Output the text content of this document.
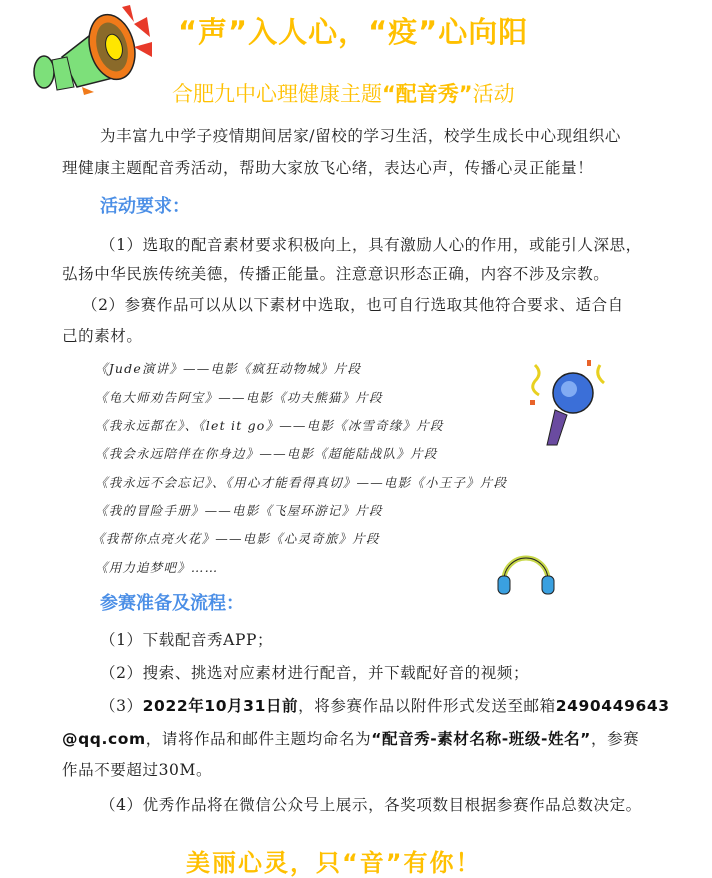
“声”入人心，“疫”心向阳
合肥九中心理健康主题“配音秀”活动
为丰富九中学子疫情期间居家/留校的学习生活，校学生成长中心现组织心
理健康主题配音秀活动，帮助大家放飞心绪，表达心声，传播心灵正能量！
活动要求：
（1）选取的配音素材要求积极向上，具有激励人心的作用，或能引人深思，
弘扬中华民族传统美德，传播正能量。注意意识形态正确，内容不涉及宗教。
（2）参赛作品可以从以下素材中选取，也可自行选取其他符合要求、适合自
己的素材。
《Jude演讲》——电影《疯狂动物城》片段
《龟大师劝告阿宝》——电影《功夫熊猫》片段
《我永远都在》、《let it go》——电影《冰雪奇缘》片段
《我会永远陪伴在你身边》——电影《超能陆战队》片段
《我永远不会忘记》、《用心才能看得真切》——电影《小王子》片段
《我的冒险手册》——电影《飞屋环游记》片段
《我帮你点亮火花》——电影《心灵奇旅》片段
《用力追梦吧》……
参赛准备及流程：
（1）下载配音秀APP；
（2）搜索、挑选对应素材进行配音，并下载配好音的视频；
（3）2022年10月31日前，将参赛作品以附件形式发送至邮箱2490449643
@qq.com，请将作品和邮件主题均命名为“配音秀-素材名称-班级-姓名”，参赛
作品不要超过30M。
（4）优秀作品将在微信公众号上展示，各奖项数目根据参赛作品总数决定。
美丽心灵，只“音”有你！
